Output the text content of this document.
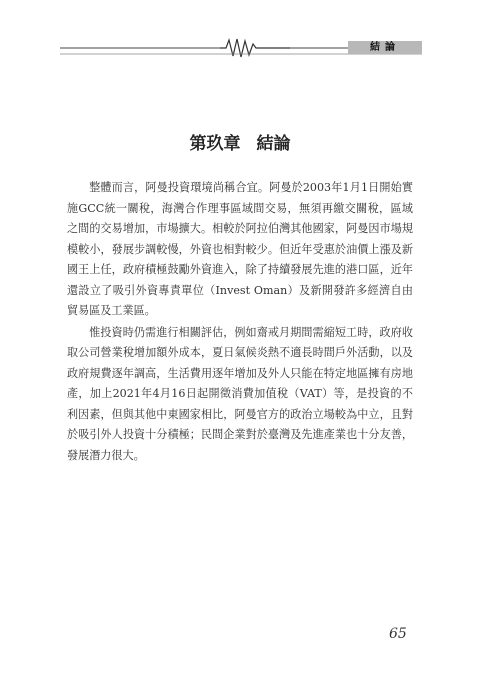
結論
第玖章 結論

整體而言，阿曼投資環境尚稱合宜。阿曼於2003年1月1日開始實施GCC統一關稅，海灣合作理事區域間交易，無須再繳交關稅，區域之間的交易增加，市場擴大。相較於阿拉伯灣其他國家，阿曼因市場規模較小，發展步調較慢，外資也相對較少。但近年受惠於油價上漲及新國王上任，政府積極鼓勵外資進入，除了持續發展先進的港口區，近年還設立了吸引外資專責單位（Invest Oman）及新開發許多經濟自由貿易區及工業區。

惟投資時仍需進行相關評估，例如齋戒月期間需縮短工時，政府收取公司營業稅增加額外成本，夏日氣候炎熱不適長時間戶外活動，以及政府規費逐年調高，生活費用逐年增加及外人只能在特定地區擁有房地產，加上2021年4月16日起開徵消費加值稅（VAT）等，是投資的不利因素，但與其他中東國家相比，阿曼官方的政治立場較為中立，且對於吸引外人投資十分積極；民間企業對於臺灣及先進產業也十分友善，發展潛力很大。

65
